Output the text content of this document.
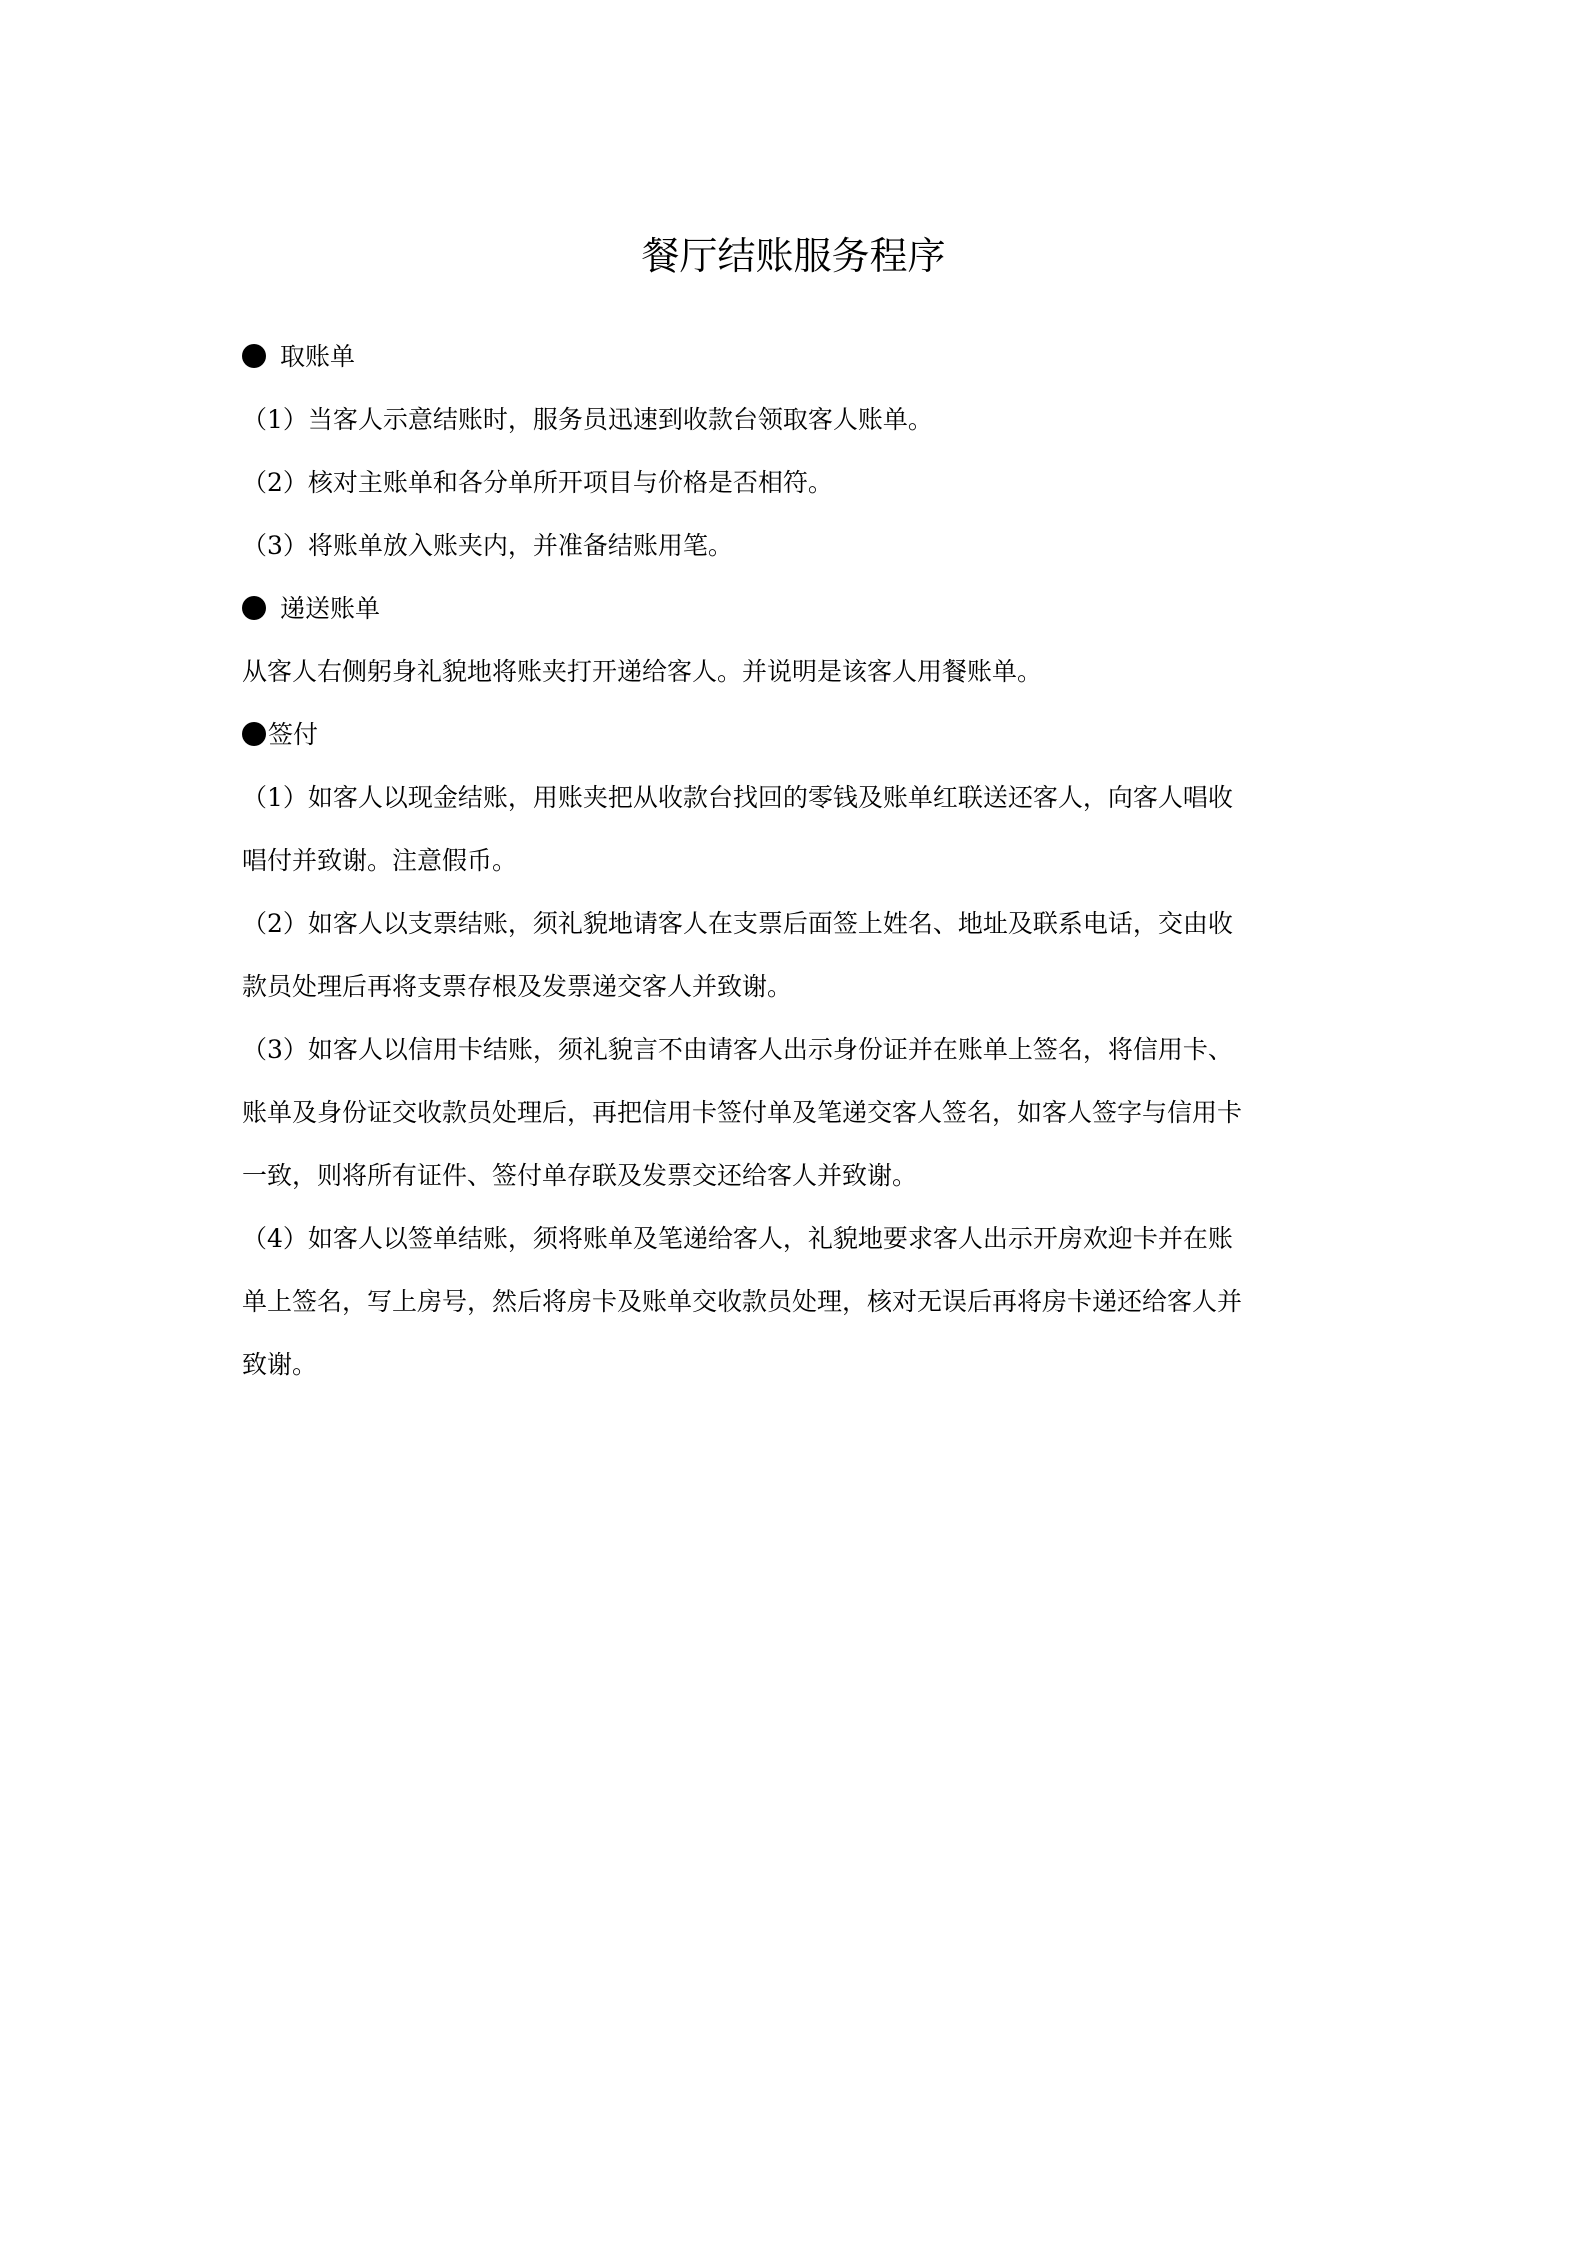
餐厅结账服务程序
取账单
（1）当客人示意结账时，服务员迅速到收款台领取客人账单。
（2）核对主账单和各分单所开项目与价格是否相符。
（3）将账单放入账夹内，并准备结账用笔。
递送账单
从客人右侧躬身礼貌地将账夹打开递给客人。并说明是该客人用餐账单。
签付
（1）如客人以现金结账，用账夹把从收款台找回的零钱及账单红联送还客人，向客人唱收
唱付并致谢。注意假币。
（2）如客人以支票结账，须礼貌地请客人在支票后面签上姓名、地址及联系电话，交由收
款员处理后再将支票存根及发票递交客人并致谢。
（3）如客人以信用卡结账，须礼貌言不由请客人出示身份证并在账单上签名，将信用卡、
账单及身份证交收款员处理后，再把信用卡签付单及笔递交客人签名，如客人签字与信用卡
一致，则将所有证件、签付单存联及发票交还给客人并致谢。
（4）如客人以签单结账，须将账单及笔递给客人，礼貌地要求客人出示开房欢迎卡并在账
单上签名，写上房号，然后将房卡及账单交收款员处理，核对无误后再将房卡递还给客人并
致谢。
